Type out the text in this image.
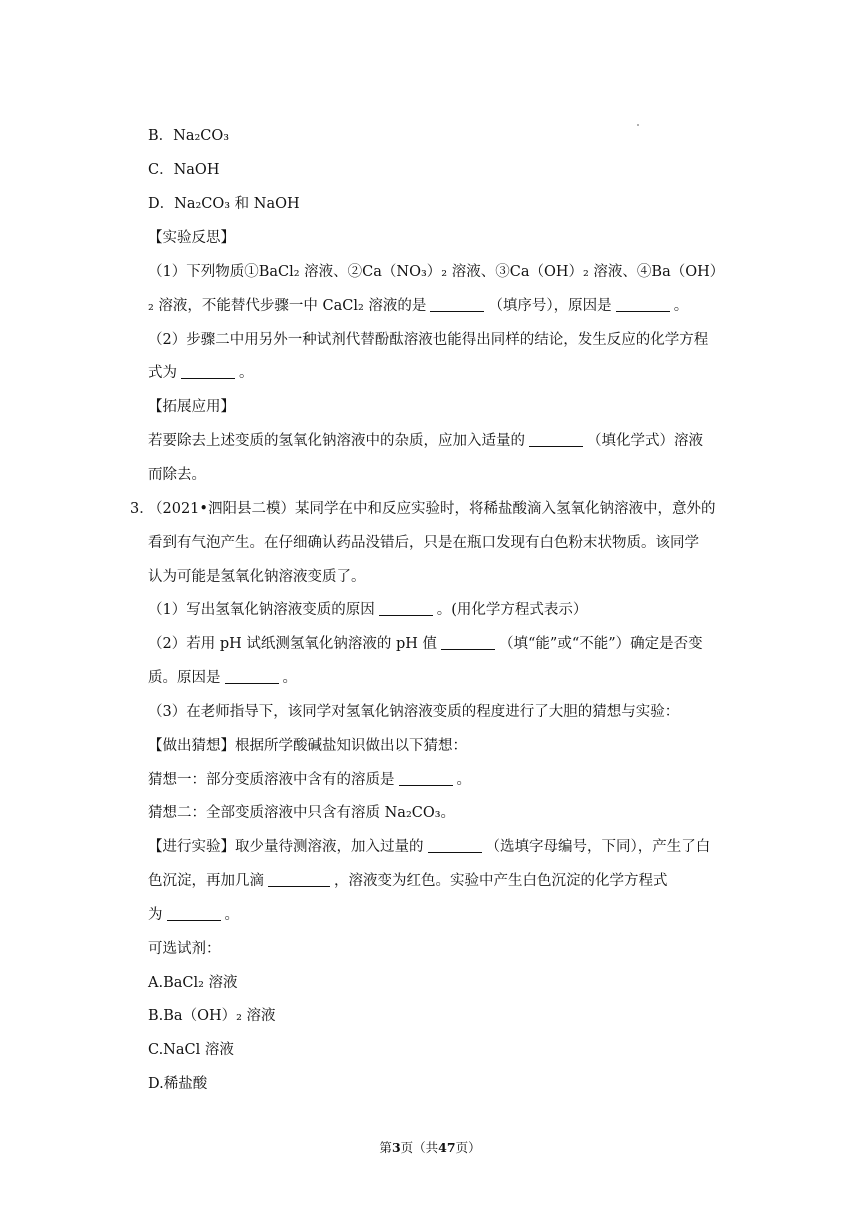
B．Na₂CO₃
C．NaOH
D．Na₂CO₃ 和 NaOH
【实验反思】
（1）下列物质①BaCl₂ 溶液、②Ca（NO₃）₂ 溶液、③Ca（OH）₂ 溶液、④Ba（OH）
₂ 溶液，不能替代步骤一中 CaCl₂ 溶液的是	（填序号），原因是	。
（2）步骤二中用另外一种试剂代替酚酞溶液也能得出同样的结论，发生反应的化学方程
式为	。
【拓展应用】
若要除去上述变质的氢氧化钠溶液中的杂质，应加入适量的	（填化学式）溶液
而除去。
3．
（2021•泗阳县二模）某同学在中和反应实验时，将稀盐酸滴入氢氧化钠溶液中，意外的
看到有气泡产生。在仔细确认药品没错后，只是在瓶口发现有白色粉末状物质。该同学
认为可能是氢氧化钠溶液变质了。
（1）写出氢氧化钠溶液变质的原因	。(用化学方程式表示）
（2）若用 pH 试纸测氢氧化钠溶液的 pH 值	（填“能”或“不能”）确定是否变
质。原因是	。
（3）在老师指导下，该同学对氢氧化钠溶液变质的程度进行了大胆的猜想与实验：
【做出猜想】根据所学酸碱盐知识做出以下猜想：
猜想一：部分变质溶液中含有的溶质是	。
猜想二：全部变质溶液中只含有溶质 Na₂CO₃。
【进行实验】取少量待测溶液，加入过量的	（选填字母编号，下同），产生了白
色沉淀，再加几滴	，溶液变为红色。实验中产生白色沉淀的化学方程式
为	。
可选试剂：
A.BaCl₂ 溶液
B.Ba（OH）₂ 溶液
C.NaCl 溶液
D.稀盐酸
第3页（共47页）
